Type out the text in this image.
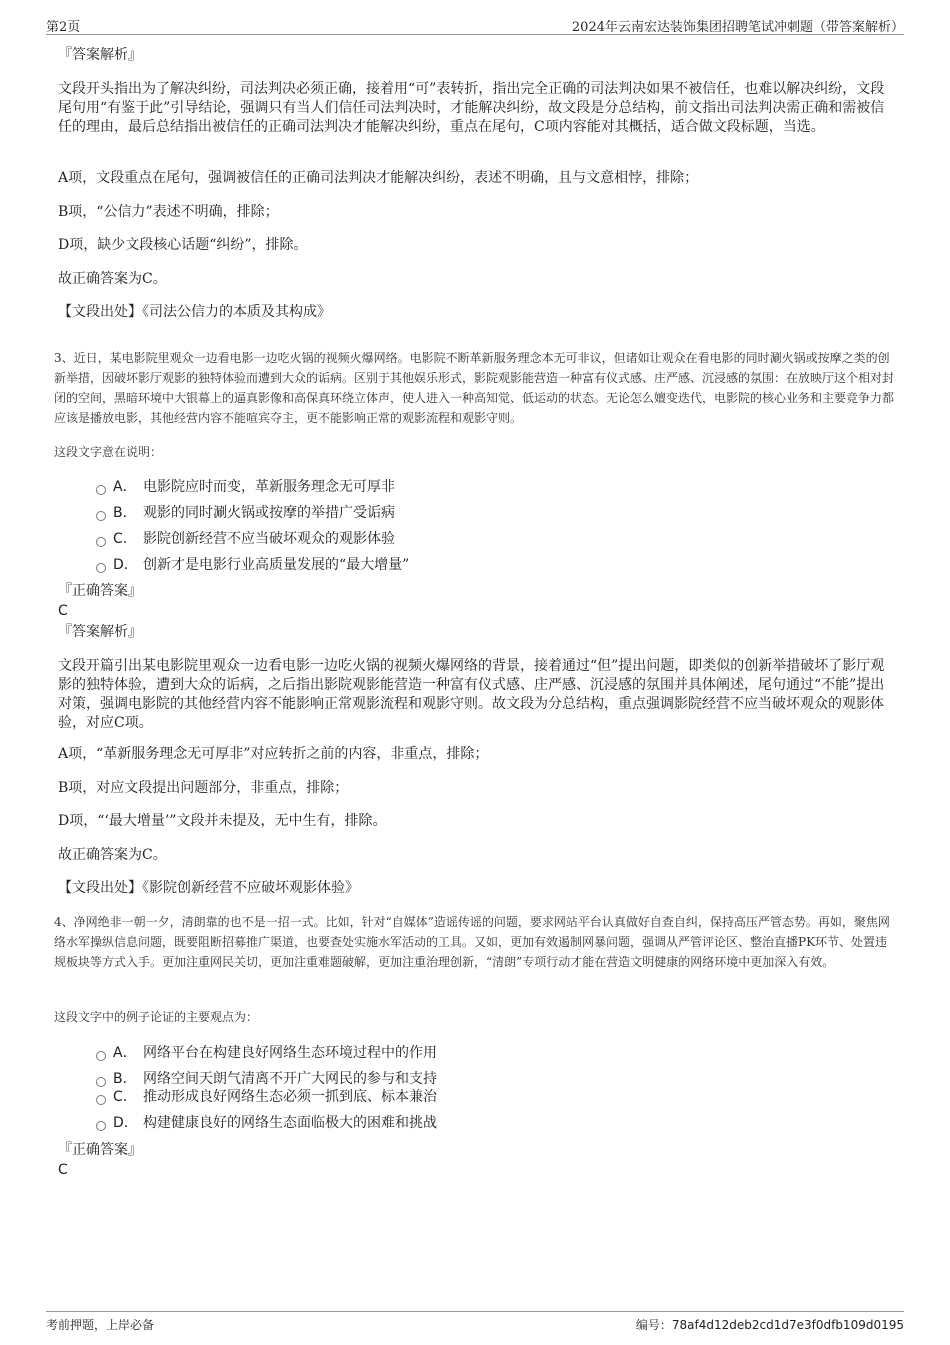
第2页	2024年云南宏达装饰集团招聘笔试冲刺题（带答案解析）
『答案解析』

文段开头指出为了解决纠纷，司法判决必须正确，接着用“可”表转折，指出完全正确的司法判决如果不被信任，也难以解决纠纷，文段尾句用“有鉴于此”引导结论，强调只有当人们信任司法判决时，才能解决纠纷，故文段是分总结构，前文指出司法判决需正确和需被信任的理由，最后总结指出被信任的正确司法判决才能解决纠纷，重点在尾句，C项内容能对其概括，适合做文段标题，当选。

A项，文段重点在尾句，强调被信任的正确司法判决才能解决纠纷，表述不明确，且与文意相悖，排除；

B项，“公信力”表述不明确，排除；

D项，缺少文段核心话题“纠纷”，排除。

故正确答案为C。

【文段出处】《司法公信力的本质及其构成》

3、近日，某电影院里观众一边看电影一边吃火锅的视频火爆网络。电影院不断革新服务理念本无可非议，但诸如让观众在看电影的同时涮火锅或按摩之类的创新举措，因破坏影厅观影的独特体验而遭到大众的诟病。区别于其他娱乐形式，影院观影能营造一种富有仪式感、庄严感、沉浸感的氛围：在放映厅这个相对封闭的空间，黑暗环境中大银幕上的逼真影像和高保真环绕立体声，使人进入一种高知觉、低运动的状态。无论怎么嬗变迭代，电影院的核心业务和主要竞争力都应该是播放电影，其他经营内容不能喧宾夺主，更不能影响正常的观影流程和观影守则。

这段文字意在说明：

A． 电影院应时而变，革新服务理念无可厚非
B． 观影的同时涮火锅或按摩的举措广受诟病
C． 影院创新经营不应当破坏观众的观影体验
D． 创新才是电影行业高质量发展的“最大增量”
『正确答案』
C
『答案解析』

文段开篇引出某电影院里观众一边看电影一边吃火锅的视频火爆网络的背景，接着通过“但”提出问题，即类似的创新举措破坏了影厅观影的独特体验，遭到大众的诟病，之后指出影院观影能营造一种富有仪式感、庄严感、沉浸感的氛围并具体阐述，尾句通过“不能”提出对策，强调电影院的其他经营内容不能影响正常观影流程和观影守则。故文段为分总结构，重点强调影院经营不应当破坏观众的观影体验，对应C项。

A项，“革新服务理念无可厚非”对应转折之前的内容，非重点，排除；

B项，对应文段提出问题部分，非重点，排除；

D项，“‘最大增量’”文段并未提及，无中生有，排除。

故正确答案为C。

【文段出处】《影院创新经营不应破坏观影体验》

4、净网绝非一朝一夕，清朗靠的也不是一招一式。比如，针对“自媒体”造谣传谣的问题，要求网站平台认真做好自查自纠，保持高压严管态势。再如，聚焦网络水军操纵信息问题，既要阻断招募推广渠道，也要查处实施水军活动的工具。又如，更加有效遏制网暴问题，强调从严管评论区、整治直播PK环节、处置违规板块等方式入手。更加注重网民关切，更加注重难题破解，更加注重治理创新，“清朗”专项行动才能在营造文明健康的网络环境中更加深入有效。

这段文字中的例子论证的主要观点为：

A． 网络平台在构建良好网络生态环境过程中的作用
B． 网络空间天朗气清离不开广大网民的参与和支持
C． 推动形成良好网络生态必须一抓到底、标本兼治
D． 构建健康良好的网络生态面临极大的困难和挑战
『正确答案』
C
考前押题，上岸必备	编号：78af4d12deb2cd1d7e3f0dfb109d0195
